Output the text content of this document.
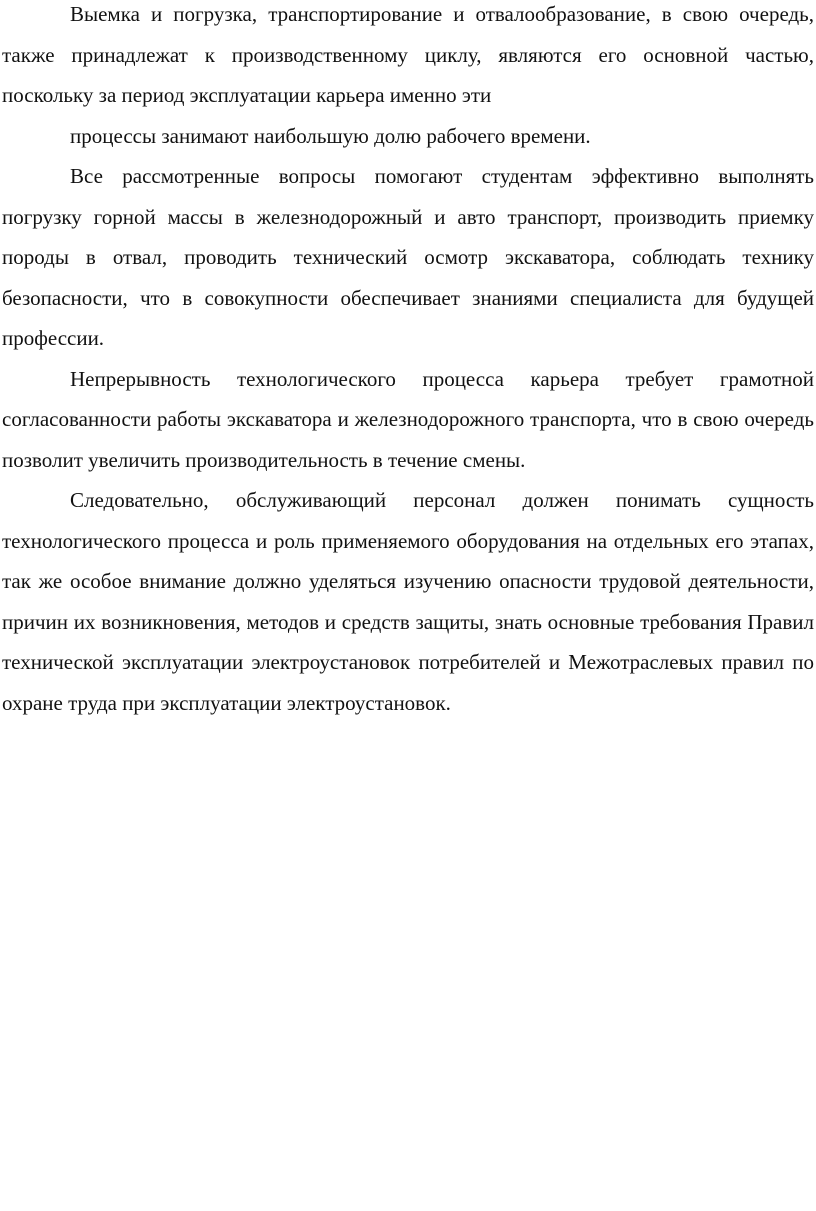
Выемка и погрузка, транспортирование и отвалообразование, в свою очередь, также принадлежат к производственному циклу, являются его основной частью, поскольку за период эксплуатации карьера именно эти

процессы занимают наибольшую долю рабочего времени.

Все рассмотренные вопросы помогают студентам эффективно выполнять погрузку горной массы в железнодорожный и авто транспорт, производить приемку породы в отвал, проводить технический осмотр экскаватора, соблюдать технику безопасности, что в совокупности обеспечивает знаниями специалиста для будущей профессии.

Непрерывность технологического процесса карьера требует грамотной согласованности работы экскаватора и железнодорожного транспорта, что в свою очередь позволит увеличить производительность в течение смены.

Следовательно, обслуживающий персонал должен понимать сущность технологического процесса и роль применяемого оборудования на отдельных его этапах, так же особое внимание должно уделяться изучению опасности трудовой деятельности, причин их возникновения, методов и средств защиты, знать основные требования Правил технической эксплуатации электроустановок потребителей и Межотраслевых правил по охране труда при эксплуатации электроустановок.
